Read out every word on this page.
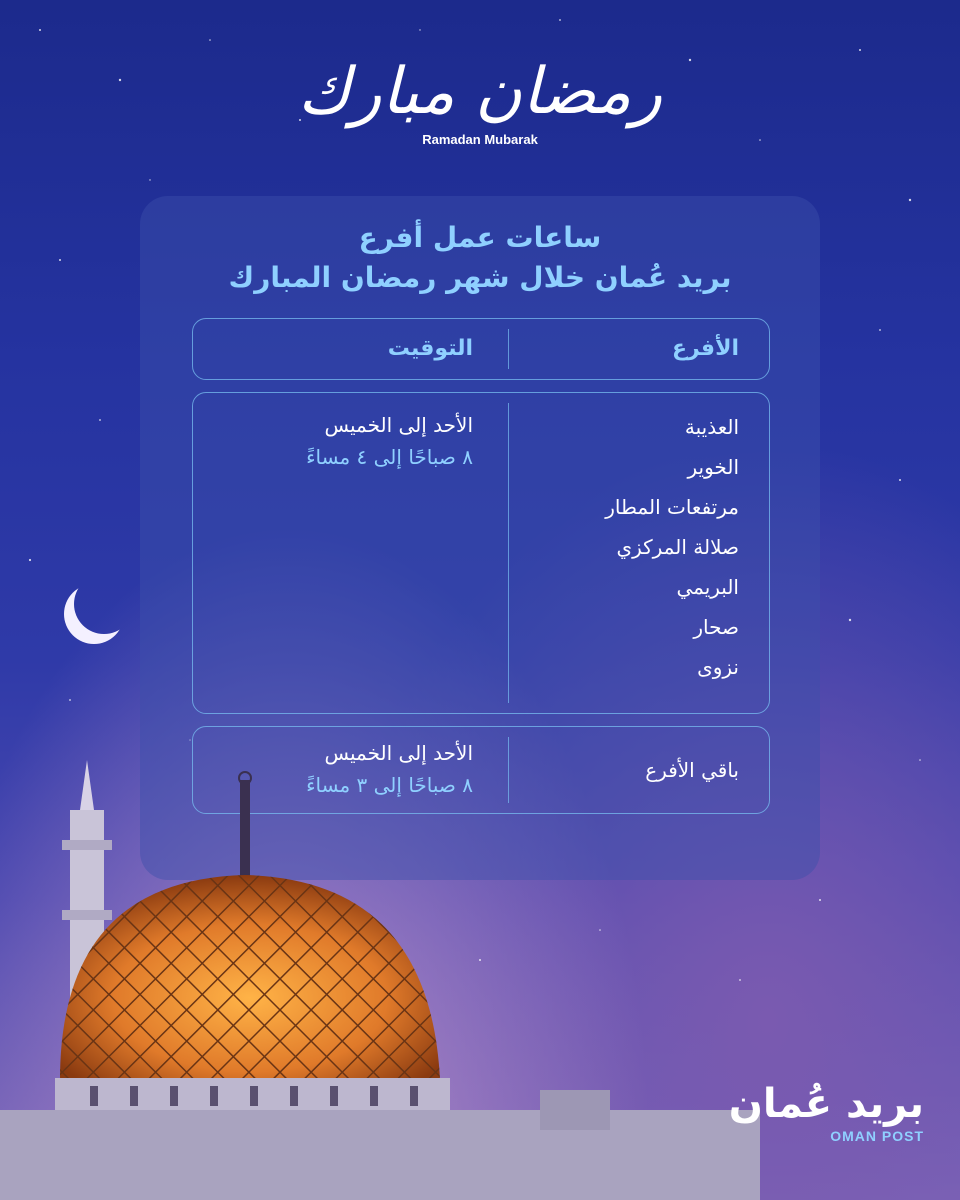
رمضان مبارك
Ramadan Mubarak
ساعات عمل أفرع
بريد عُمان خلال شهر رمضان المبارك
الأفرع
التوقيت
العذيبة
الخوير
مرتفعات المطار
صلالة المركزي
البريمي
صحار
نزوى
الأحد إلى الخميس
٨ صباحًا إلى ٤ مساءً
باقي الأفرع
الأحد إلى الخميس
٨ صباحًا إلى ٣ مساءً
بريد عُمان
OMAN POST
